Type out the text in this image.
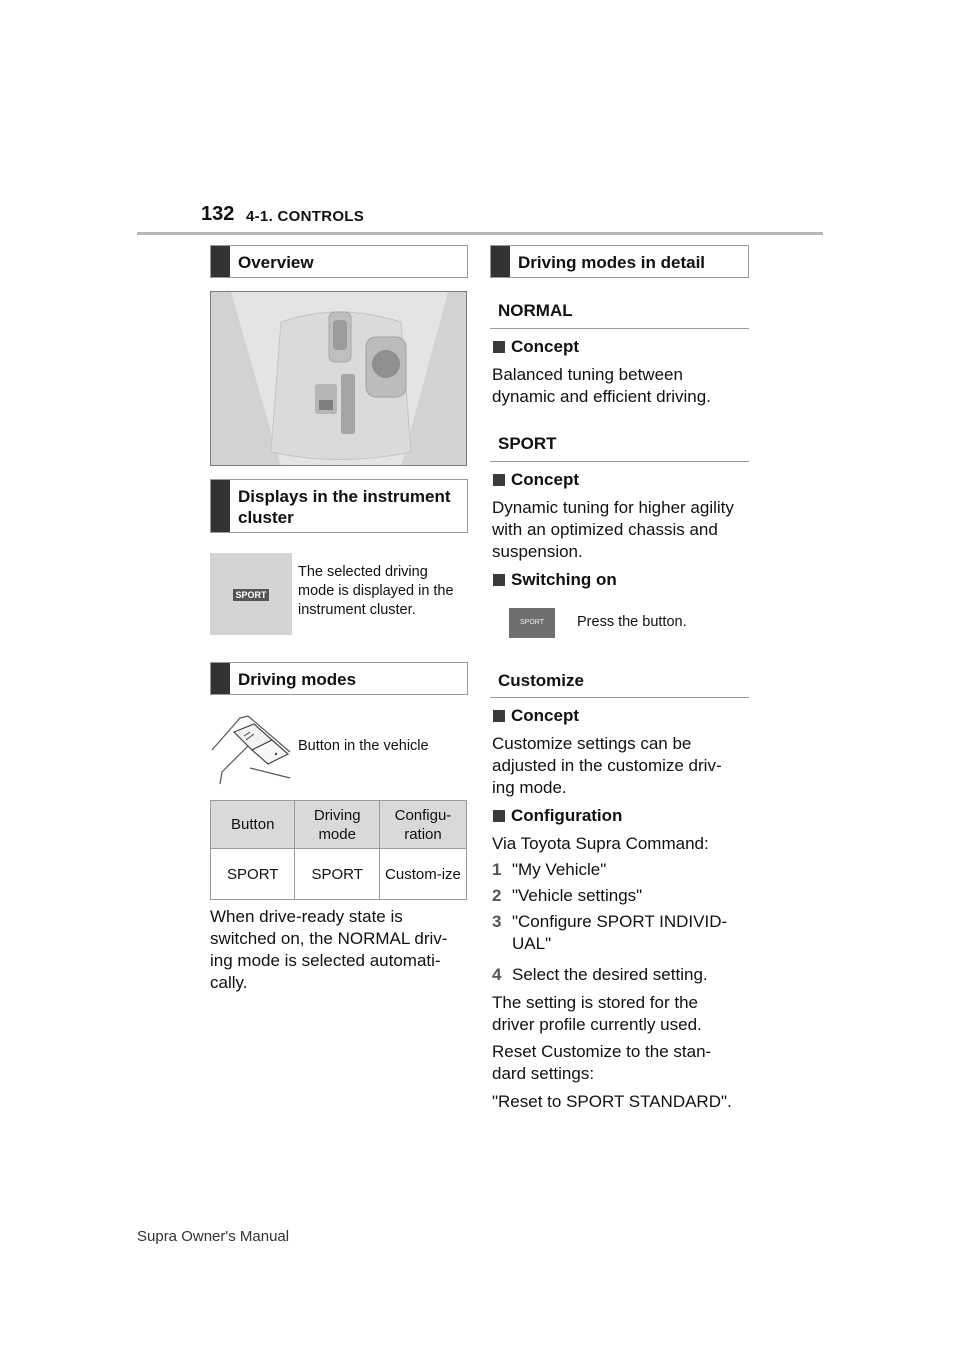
132 4-1. CONTROLS
Overview
Displays in the instrument cluster
SPORT
The selected driving mode is displayed in the instrument cluster.
Driving modes
Button in the vehicle
Button	Driving mode	Configu-ration
SPORT	SPORT	Custom-ize
When drive-ready state is switched on, the NORMAL driv-ing mode is selected automati-cally.
Driving modes in detail
NORMAL
Concept
Balanced tuning between dynamic and efficient driving.
SPORT
Concept
Dynamic tuning for higher agility with an optimized chassis and suspension.
Switching on
SPORT	Press the button.
Customize
Concept
Customize settings can be adjusted in the customize driv-ing mode.
Configuration
Via Toyota Supra Command:
1 "My Vehicle"
2 "Vehicle settings"
3 "Configure SPORT INDIVID-UAL"
4 Select the desired setting.
The setting is stored for the driver profile currently used.
Reset Customize to the stan-dard settings:
"Reset to SPORT STANDARD".
Supra Owner's Manual
